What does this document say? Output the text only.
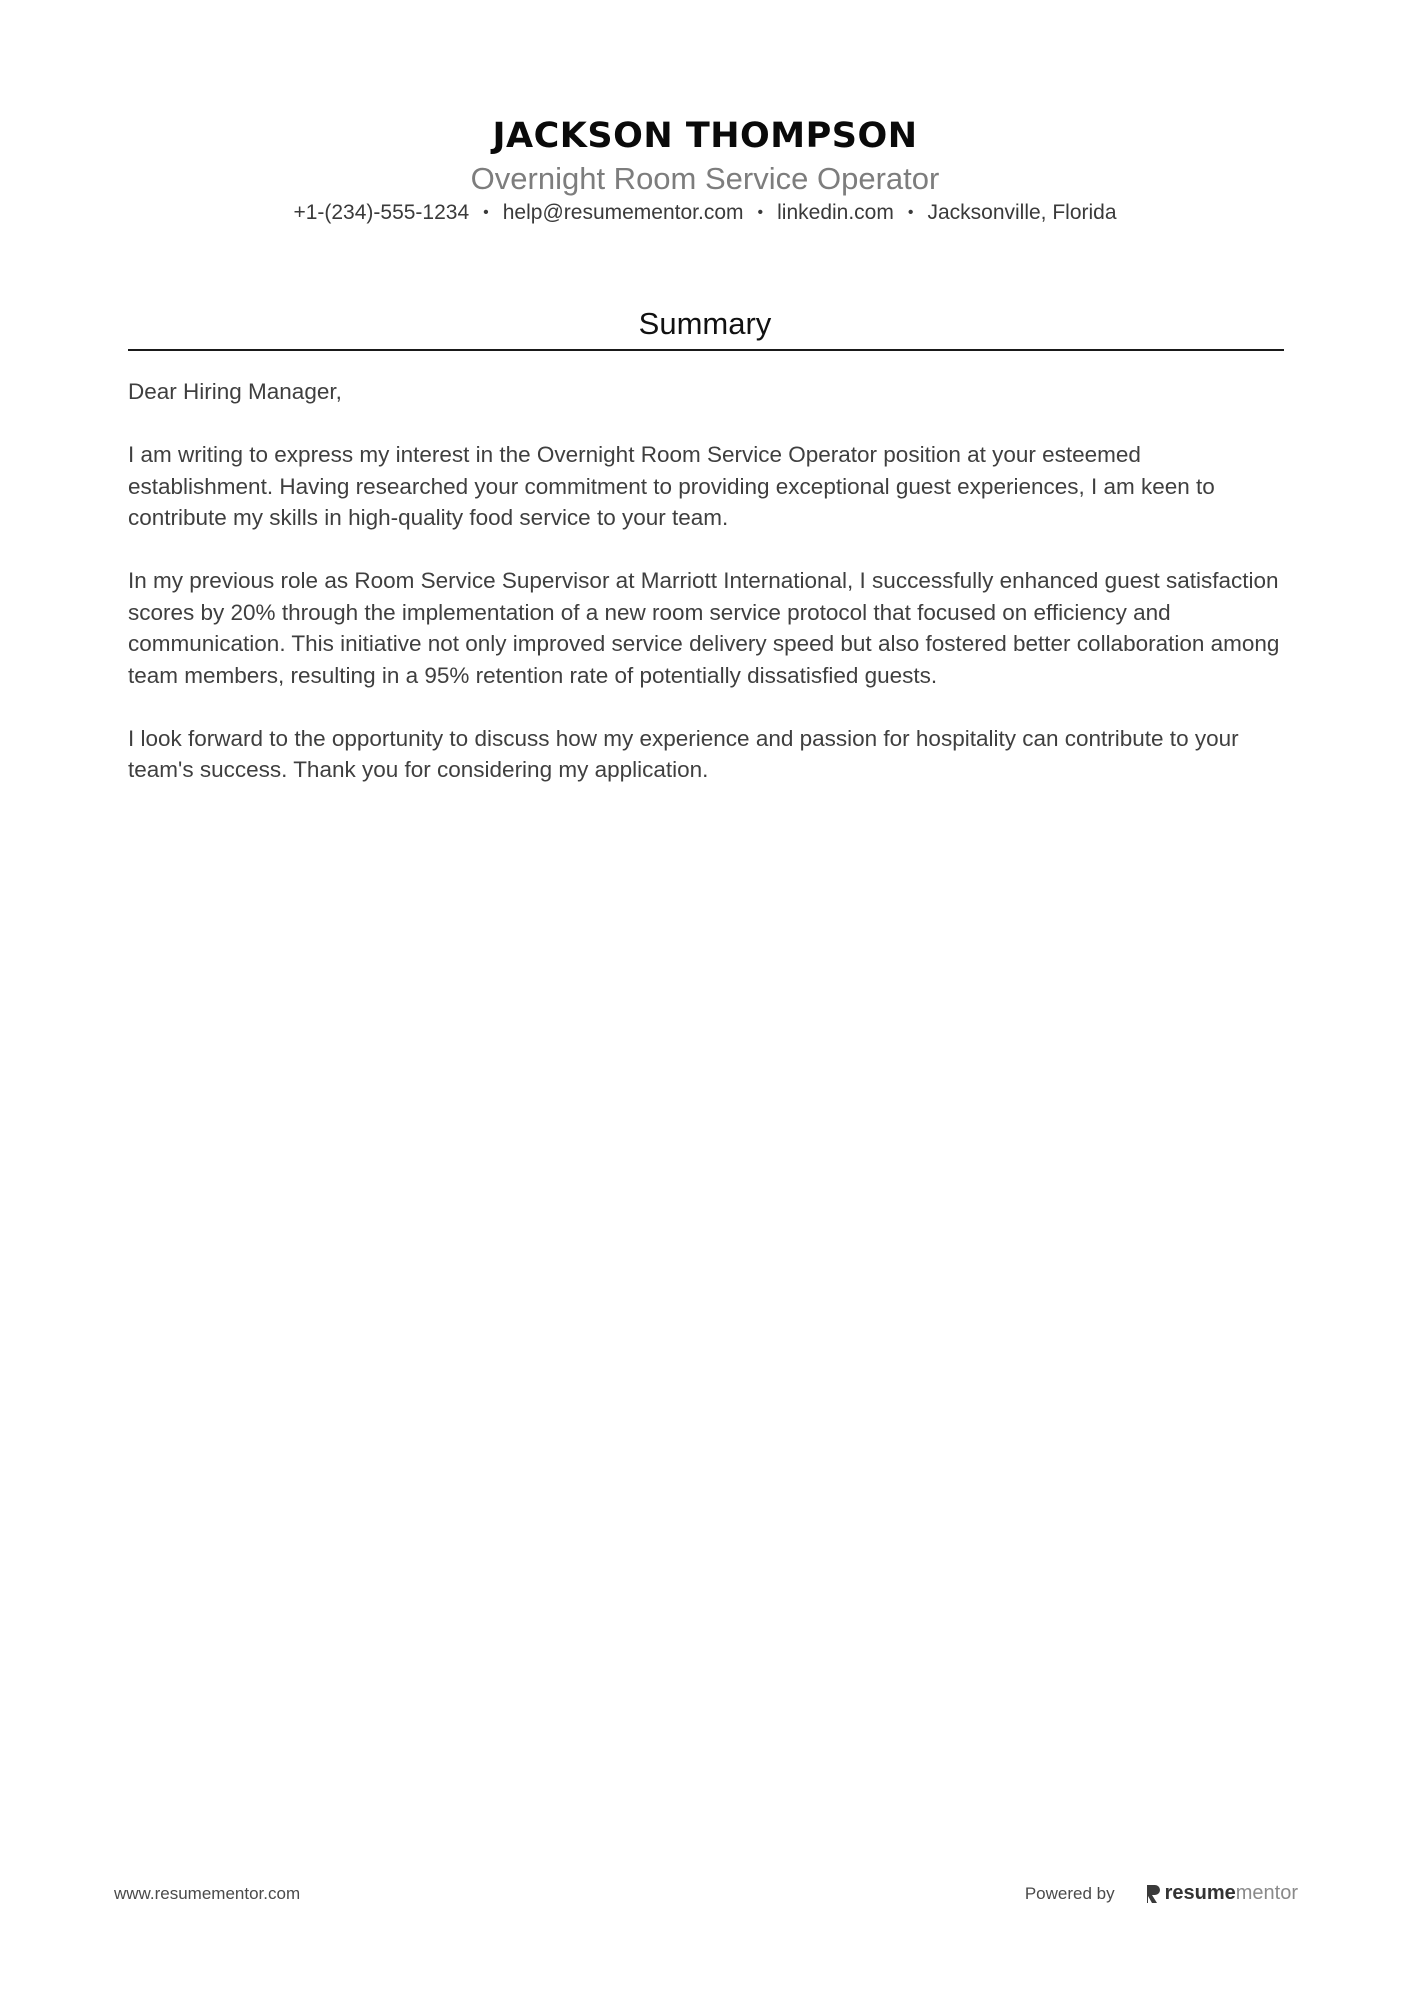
JACKSON THOMPSON
Overnight Room Service Operator
+1-(234)-555-1234 • help@resumementor.com • linkedin.com • Jacksonville, Florida
Summary

Dear Hiring Manager,

I am writing to express my interest in the Overnight Room Service Operator position at your esteemed establishment. Having researched your commitment to providing exceptional guest experiences, I am keen to contribute my skills in high-quality food service to your team.

In my previous role as Room Service Supervisor at Marriott International, I successfully enhanced guest satisfaction scores by 20% through the implementation of a new room service protocol that focused on efficiency and communication. This initiative not only improved service delivery speed but also fostered better collaboration among team members, resulting in a 95% retention rate of potentially dissatisfied guests.

I look forward to the opportunity to discuss how my experience and passion for hospitality can contribute to your team's success. Thank you for considering my application.

www.resumementor.com	Powered by	resumementor
